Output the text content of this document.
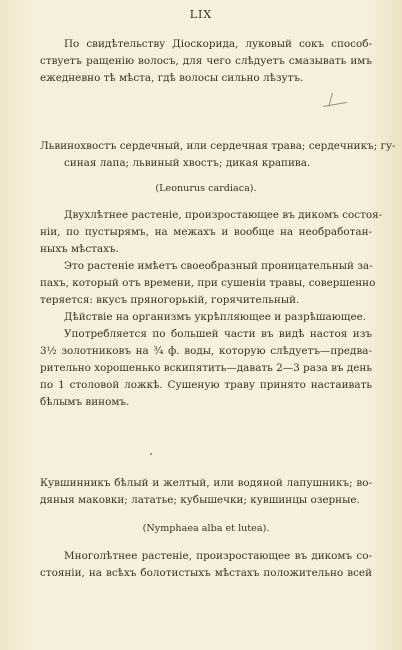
LIX
По свидѣтельству Діоскорида, луковый сокъ способ-
ствуетъ ращенію волосъ, для чего слѣдуетъ смазывать имъ
ежедневно тѣ мѣста, гдѣ волосы сильно лѣзутъ.
Львинохвостъ сердечный, или сердечная трава; сердечникъ; гу-
синая лапа; львиный хвостъ; дикая крапива.
(Leonurus cardiaca).
Двухлѣтнее растеніе, произростающее въ дикомъ состоя-
ніи, по пустырямъ, на межахъ и вообще на необработан-
ныхъ мѣстахъ.
Это растеніе имѣетъ своеобразный проницательный за-
пахъ, который отъ времени, при сушеніи травы, совершенно
теряется: вкусъ пряногорькій, горячительный.
Дѣйствіе на организмъ укрѣпляющее и разрѣшающее.
Употребляется по большей части въ видѣ настоя изъ
3½ золотниковъ на ¾ ф. воды, которую слѣдуетъ—предва-
рительно хорошенько вскипятить—давать 2—3 раза въ день
по 1 столовой ложкѣ. Сушеную траву принято настаивать
бѣлымъ виномъ.
Кувшинникъ бѣлый и желтый, или водяной лапушникъ; во-
дяныя маковки; лататье; кубышечки; кувшинцы озерные.
(Nymphaea alba et lutea).
Многолѣтнее растеніе, произростающее въ дикомъ со-
стояніи, на всѣхъ болотистыхъ мѣстахъ положительно всей
